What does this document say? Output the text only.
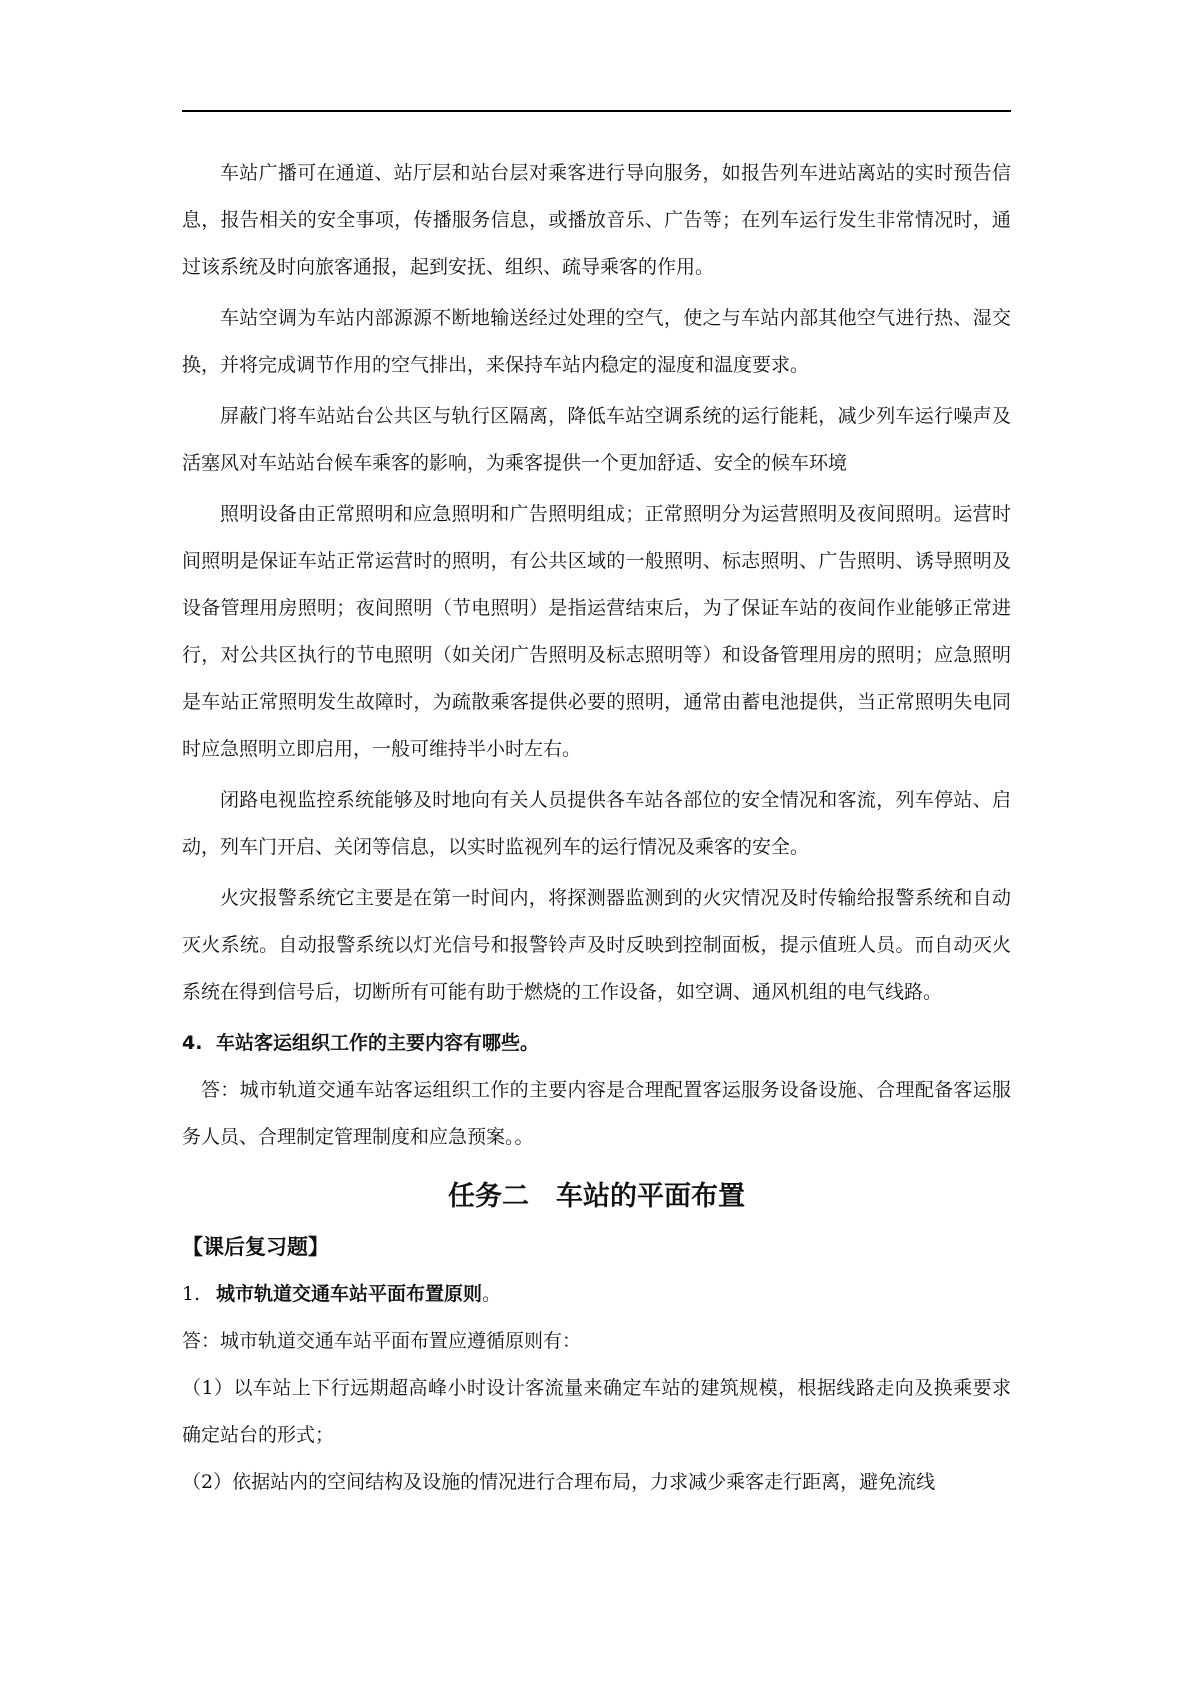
车站广播可在通道、站厅层和站台层对乘客进行导向服务，如报告列车进站离站的实时预告信息，报告相关的安全事项，传播服务信息，或播放音乐、广告等；在列车运行发生非常情况时，通过该系统及时向旅客通报，起到安抚、组织、疏导乘客的作用。

车站空调为车站内部源源不断地输送经过处理的空气，使之与车站内部其他空气进行热、湿交换，并将完成调节作用的空气排出，来保持车站内稳定的湿度和温度要求。

屏蔽门将车站站台公共区与轨行区隔离，降低车站空调系统的运行能耗，减少列车运行噪声及活塞风对车站站台候车乘客的影响，为乘客提供一个更加舒适、安全的候车环境

照明设备由正常照明和应急照明和广告照明组成；正常照明分为运营照明及夜间照明。运营时间照明是保证车站正常运营时的照明，有公共区域的一般照明、标志照明、广告照明、诱导照明及设备管理用房照明；夜间照明（节电照明）是指运营结束后，为了保证车站的夜间作业能够正常进行，对公共区执行的节电照明（如关闭广告照明及标志照明等）和设备管理用房的照明；应急照明是车站正常照明发生故障时，为疏散乘客提供必要的照明，通常由蓄电池提供，当正常照明失电同时应急照明立即启用，一般可维持半小时左右。

闭路电视监控系统能够及时地向有关人员提供各车站各部位的安全情况和客流，列车停站、启动，列车门开启、关闭等信息，以实时监视列车的运行情况及乘客的安全。

火灾报警系统它主要是在第一时间内，将探测器监测到的火灾情况及时传输给报警系统和自动灭火系统。自动报警系统以灯光信号和报警铃声及时反映到控制面板，提示值班人员。而自动灭火系统在得到信号后，切断所有可能有助于燃烧的工作设备，如空调、通风机组的电气线路。

4. 车站客运组织工作的主要内容有哪些。

答：城市轨道交通车站客运组织工作的主要内容是合理配置客运服务设备设施、合理配备客运服务人员、合理制定管理制度和应急预案。。

任务二　车站的平面布置

【课后复习题】

1. 城市轨道交通车站平面布置原则。

答：城市轨道交通车站平面布置应遵循原则有：

（1）以车站上下行远期超高峰小时设计客流量来确定车站的建筑规模，根据线路走向及换乘要求确定站台的形式；

（2）依据站内的空间结构及设施的情况进行合理布局，力求减少乘客走行距离，避免流线
